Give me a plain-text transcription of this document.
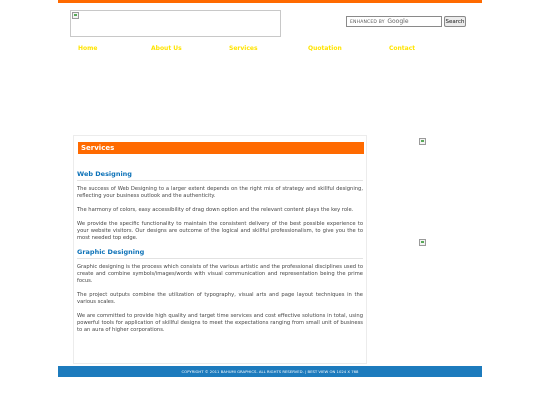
ENHANCED BY Google	Search
Home	About Us	Services	Quotation	Contact
Services
Web Designing

The success of Web Designing to a larger extent depends on the right mix of strategy and skillful designing, reflecting your business outlook and the authenticity.

The harmony of colors, easy accessibility of drag down option and the relevant content plays the key role.

We provide the specific functionality to maintain the consistent delivery of the best possible experience to your website visitors. Our designs are outcome of the logical and skillful professionalism, to give you the to most needed top edge.

Graphic Designing

Graphic designing is the process which consists of the various artistic and the professional disciplines used to create and combine symbols/images/words with visual communication and representation being the prime focus.

The project outputs combine the utilization of typography, visual arts and page layout techniques in the various scales.

We are committed to provide high quality and target time services and cost effective solutions in total, using powerful tools for application of skillful designs to meet the expectations ranging from small unit of business to an aura of higher corporations.

COPYRIGHT © 2011 BAHUMI GRAPHICS. ALL RIGHTS RESERVED. | BEST VIEW ON 1024 X 768
